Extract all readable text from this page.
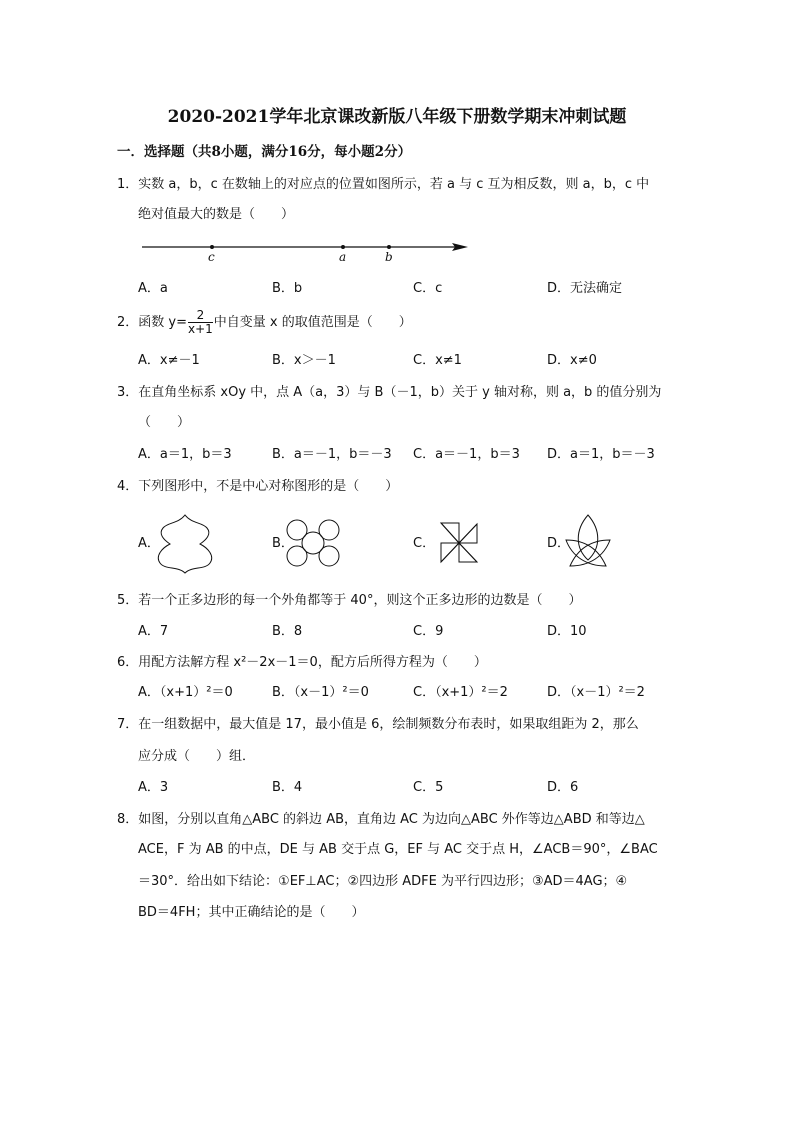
2020-2021学年北京课改新版八年级下册数学期末冲刺试题
一．选择题（共8小题，满分16分，每小题2分）
1．实数 a，b，c 在数轴上的对应点的位置如图所示，若 a 与 c 互为相反数，则 a，b，c 中
绝对值最大的数是（　　）
c	a	b
A．a	B．b	C．c	D．无法确定
2．函数 $y= \frac{2}{x+1}$ 中自变量 x 的取值范围是（　　）
A．x≠－1	B．x＞－1	C．x≠1	D．x≠0
3．在直角坐标系 xOy 中，点 A（a，3）与 B（－1，b）关于 y 轴对称，则 a，b 的值分别为
（　　）
A．a＝1，b＝3	B．a＝－1，b＝－3 C．a＝－1，b＝3 D．a＝1，b＝－3
4．下列图形中，不是中心对称图形的是（　　）
A．	B．	C．	D．
5．若一个正多边形的每一个外角都等于 40°，则这个正多边形的边数是（　　）
A．7	B．8	C．9	D．10
6．用配方法解方程 x²－2x－1＝0，配方后所得方程为（　　）
A．（x+1）²＝0	B．（x－1）²＝0	C．（x+1）²＝2	D．（x－1）²＝2
7．在一组数据中，最大值是 17，最小值是 6，绘制频数分布表时，如果取组距为 2，那么
应分成（　　）组．
A．3	B．4	C．5	D．6
8．如图，分别以直角△ABC 的斜边 AB，直角边 AC 为边向△ABC 外作等边△ABD 和等边△
ACE，F 为 AB 的中点，DE 与 AB 交于点 G，EF 与 AC 交于点 H，∠ACB＝90°，∠BAC
＝30°．给出如下结论：①EF⊥AC；②四边形 ADFE 为平行四边形；③AD＝4AG；④
BD＝4FH；其中正确结论的是（　　）
